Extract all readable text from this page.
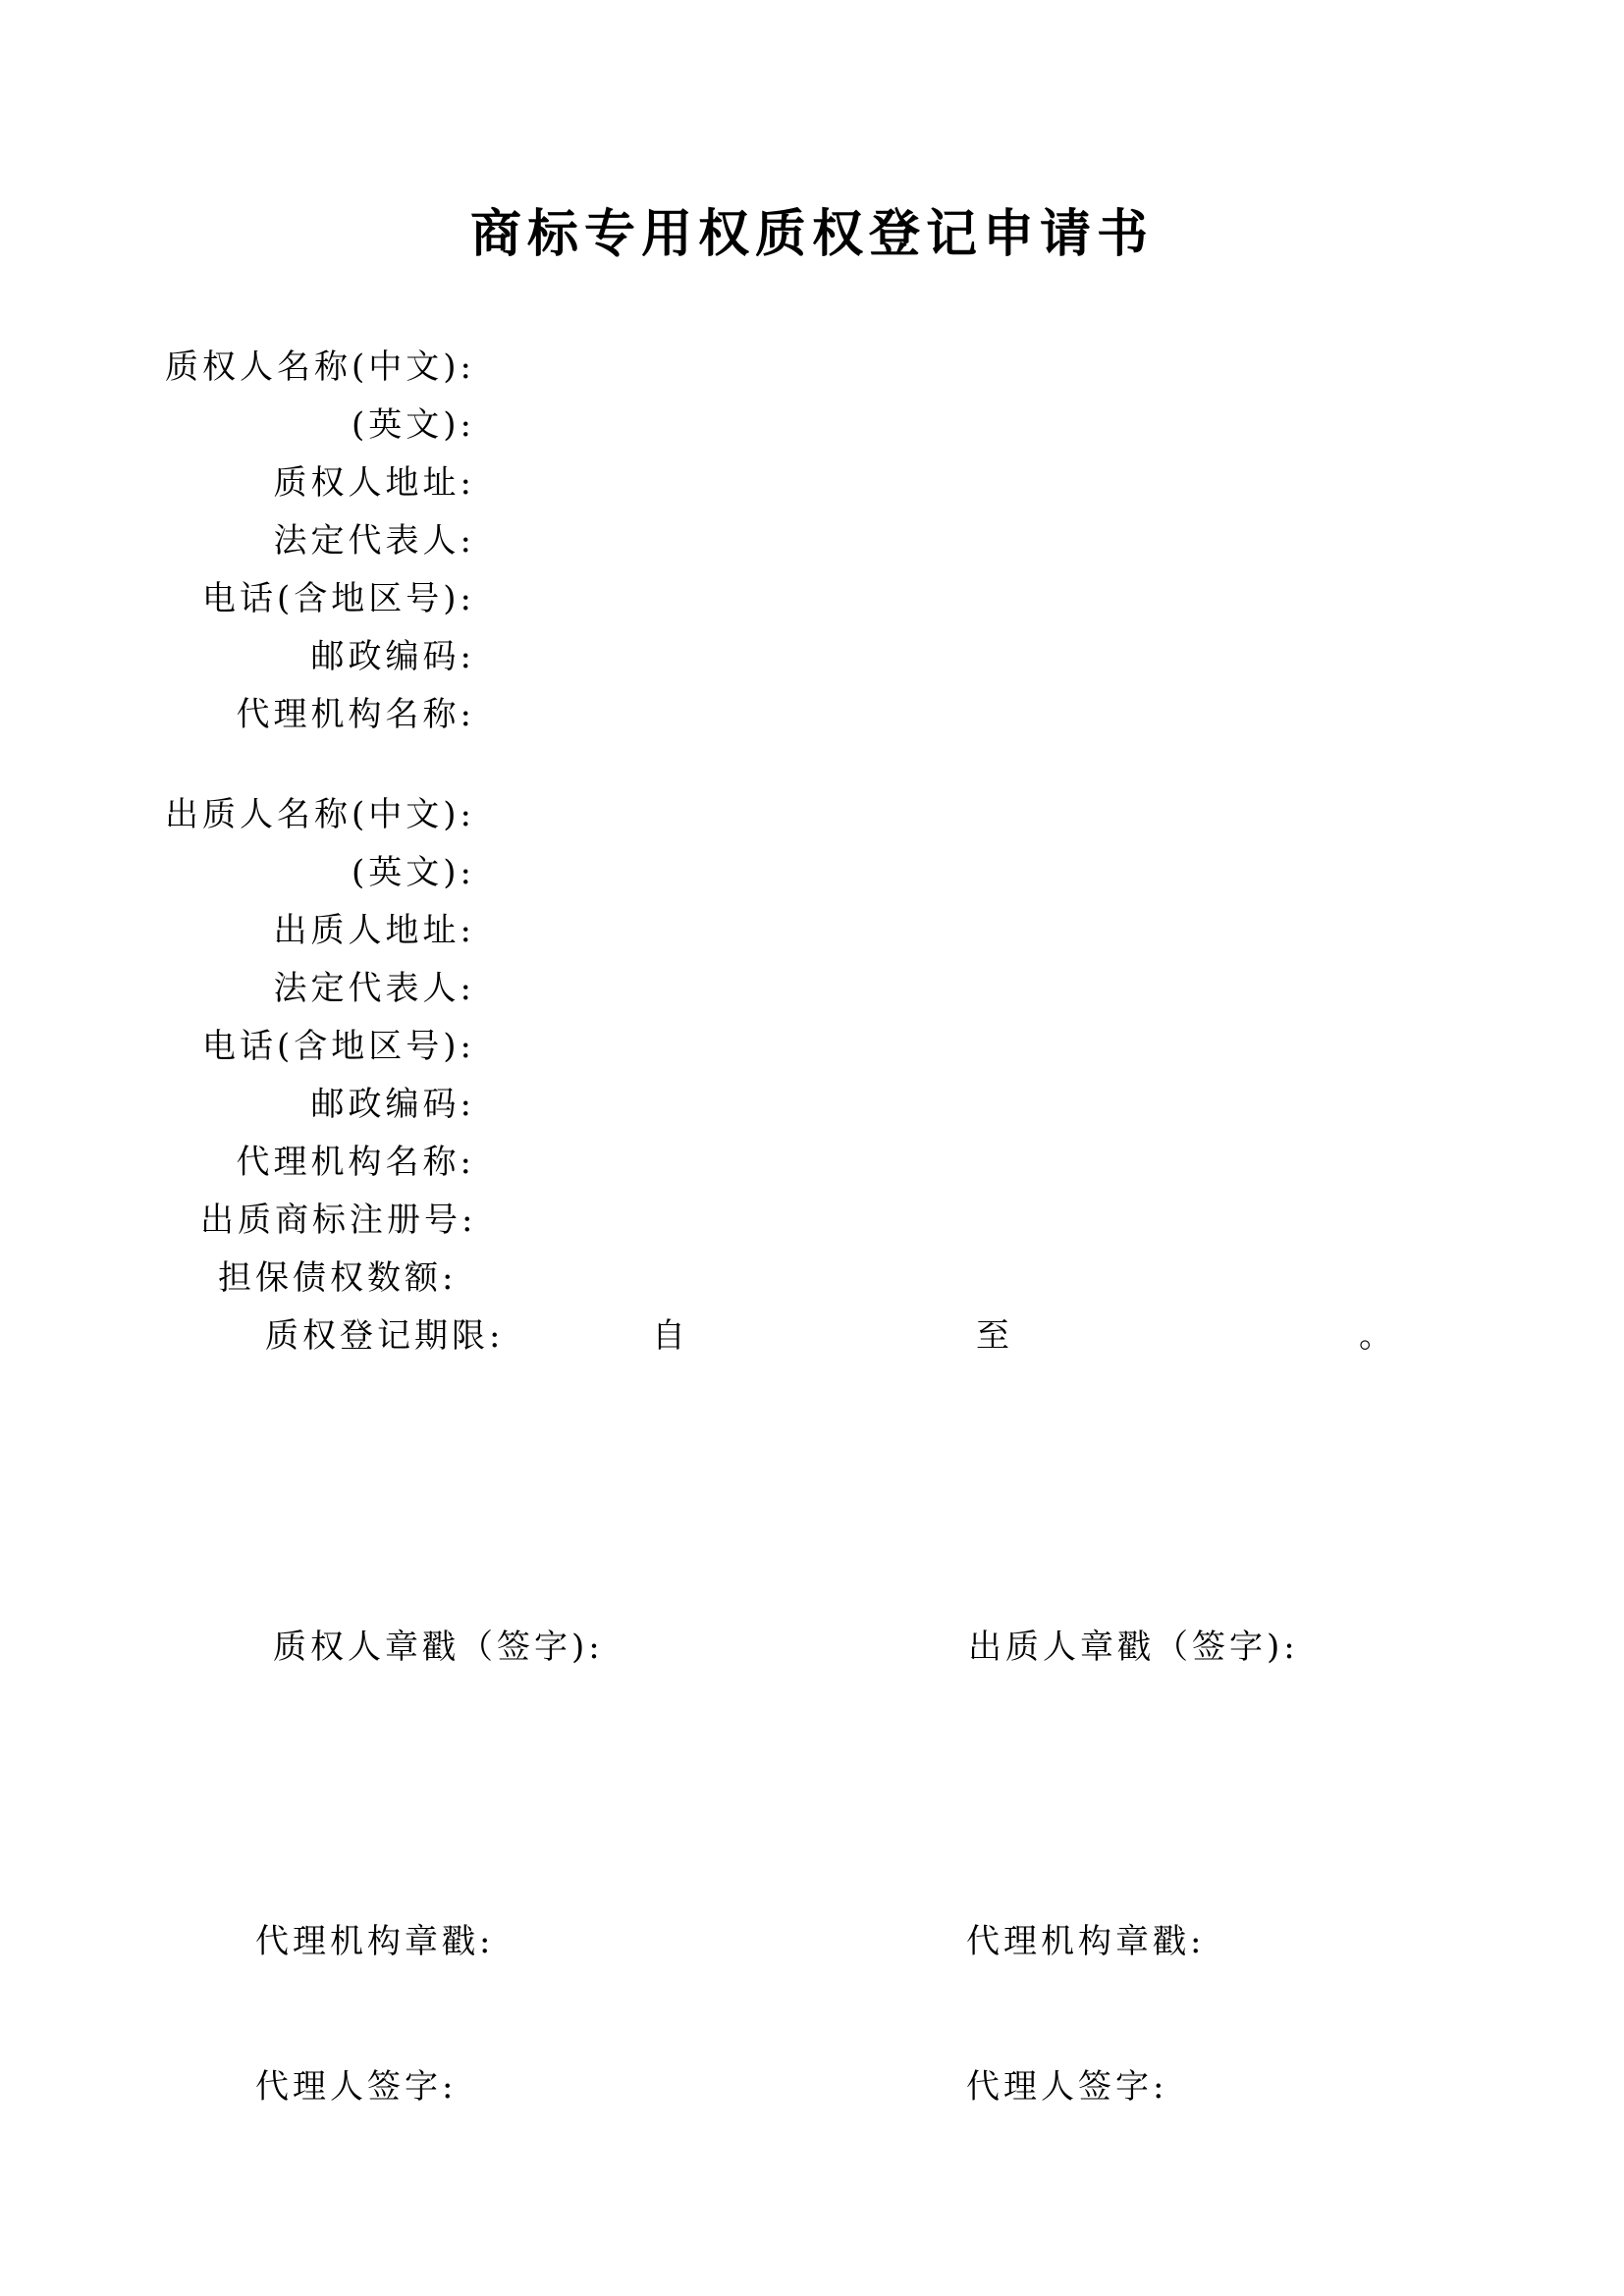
商标专用权质权登记申请书
质权人名称(中文):
(英文):
质权人地址:
法定代表人:
电话(含地区号):
邮政编码:
代理机构名称:
出质人名称(中文):
(英文):
出质人地址:
法定代表人:
电话(含地区号):
邮政编码:
代理机构名称:
出质商标注册号:
担保债权数额:
质权登记期限:	自	至	。
质权人章戳（签字):	出质人章戳（签字):
代理机构章戳:	代理机构章戳:
代理人签字:	代理人签字:
